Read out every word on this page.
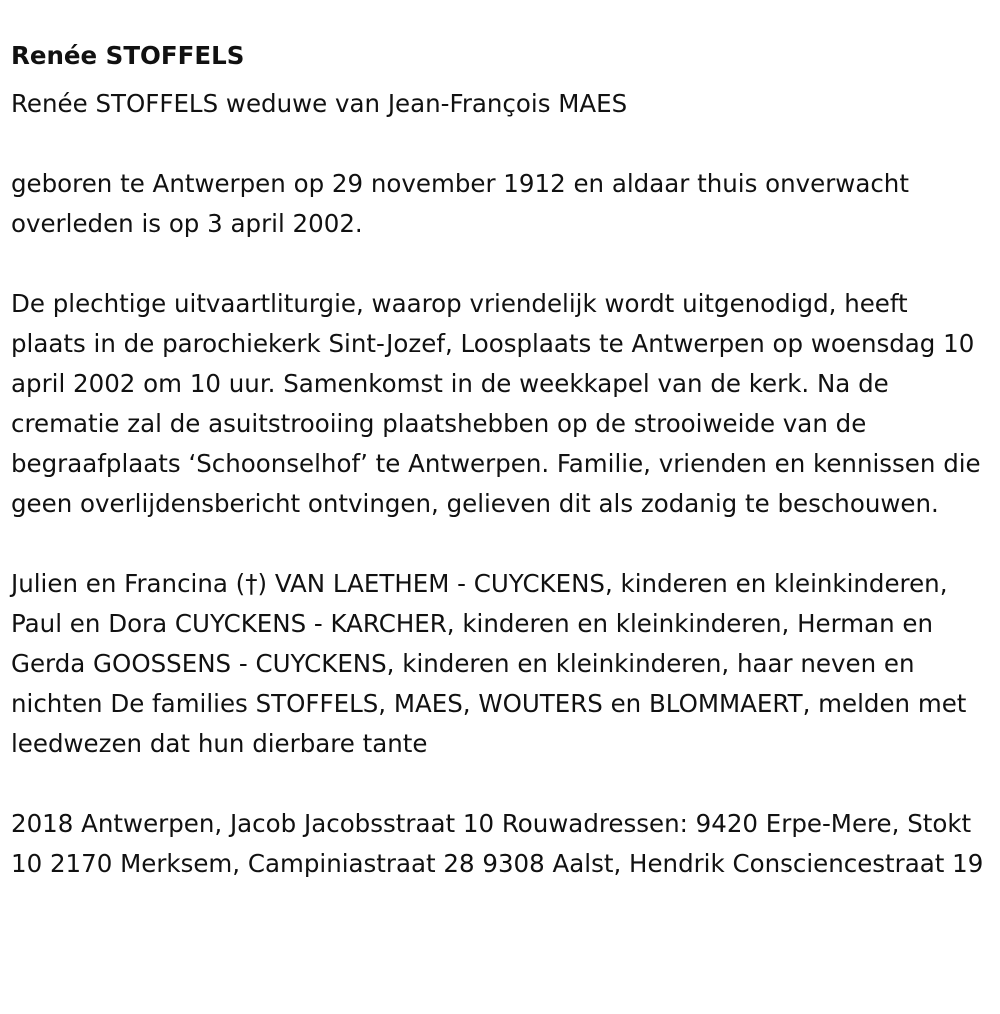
Renée STOFFELS

Renée STOFFELS weduwe van Jean-François MAES

geboren te Antwerpen op 29 november 1912 en aldaar thuis onverwacht overleden is op 3 april 2002.

De plechtige uitvaartliturgie, waarop vriendelijk wordt uitgenodigd, heeft plaats in de parochiekerk Sint-Jozef, Loosplaats te Antwerpen op woensdag 10 april 2002 om 10 uur. Samenkomst in de weekkapel van de kerk. Na de crematie zal de asuitstrooiing plaatshebben op de strooiweide van de begraafplaats ‘Schoonselhof’ te Antwerpen. Familie, vrienden en kennissen die geen overlijdensbericht ontvingen, gelieven dit als zodanig te beschouwen.

Julien en Francina (†) VAN LAETHEM - CUYCKENS, kinderen en kleinkinderen, Paul en Dora CUYCKENS - KARCHER, kinderen en kleinkinderen, Herman en Gerda GOOSSENS - CUYCKENS, kinderen en kleinkinderen, haar neven en nichten De families STOFFELS, MAES, WOUTERS en BLOMMAERT, melden met leedwezen dat hun dierbare tante

2018 Antwerpen, Jacob Jacobsstraat 10 Rouwadressen: 9420 Erpe-Mere, Stokt 10 2170 Merksem, Campiniastraat 28 9308 Aalst, Hendrik Consciencestraat 19
